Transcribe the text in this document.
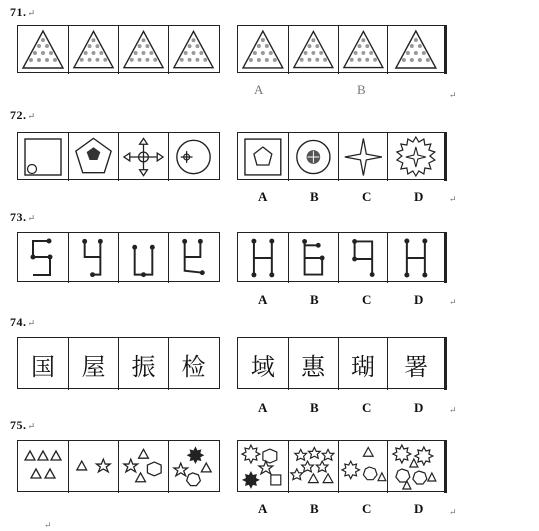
71.↵
A	B	↵
72.↵
A	B	C	D	↵
73.↵
A	B	C	D	↵
74.↵
国	屋	振	检	域	惠	瑚	署
A	B	C	D	↵
75.↵
A	B	C	D	↵
↵
